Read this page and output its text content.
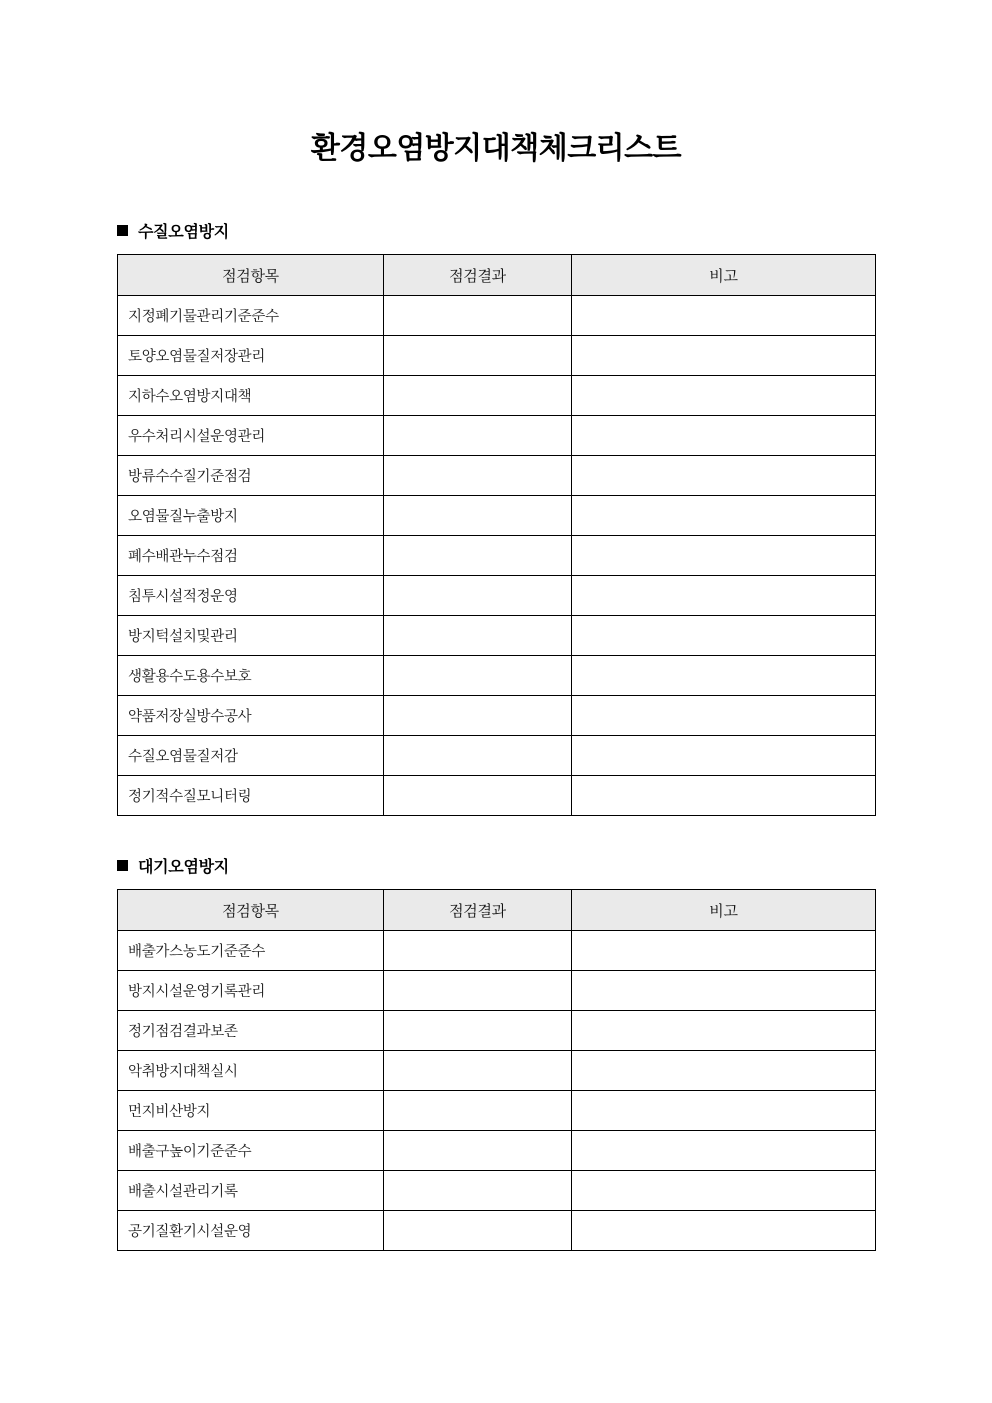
환경오염방지대책체크리스트
수질오염방지
점검항목	점검결과	비고
지정폐기물관리기준준수		
토양오염물질저장관리		
지하수오염방지대책		
우수처리시설운영관리		
방류수수질기준점검		
오염물질누출방지		
폐수배관누수점검		
침투시설적정운영		
방지턱설치및관리		
생활용수도용수보호		
약품저장실방수공사		
수질오염물질저감		
정기적수질모니터링		
대기오염방지
점검항목	점검결과	비고
배출가스농도기준준수		
방지시설운영기록관리		
정기점검결과보존		
악취방지대책실시		
먼지비산방지		
배출구높이기준준수		
배출시설관리기록		
공기질환기시설운영		
